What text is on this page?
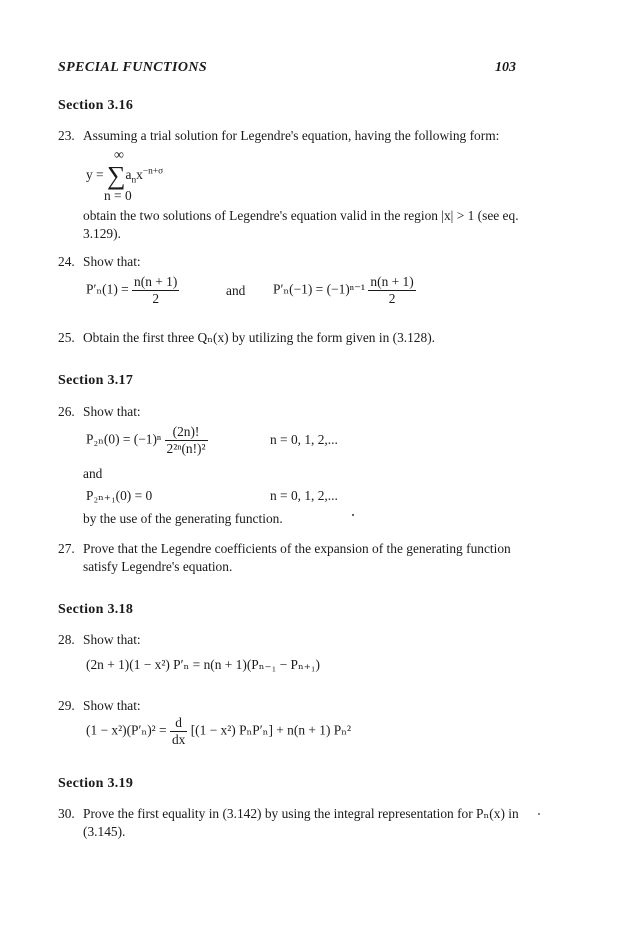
SPECIAL FUNCTIONS	103
Section 3.16
23. Assuming a trial solution for Legendre's equation, having the following form:
$y = \sum a_nx^{-n+\sigma}$
∞
n = 0
obtain the two solutions of Legendre's equation valid in the region |x| > 1 (see eq.
3.129).
24. Show that:
$P'_n(1) = \frac{n(n + 1)}{2}$	and $P'_n(-1) = (-1)^{n-1} \frac{n(n + 1)}{2}$
25. Obtain the first three Qₙ(x) by utilizing the form given in (3.128).
Section 3.17
26. Show that:
$P_{2n}(0) = (-1)^n \frac{(2n)!}{\text{2²ⁿ(n!)²}}$	n = 0, 1, 2,...
and
P₂ₙ₊₁(0) = 0	n = 0, 1, 2,...
by the use of the generating function.
27. Prove that the Legendre coefficients of the expansion of the generating function
satisfy Legendre's equation.
Section 3.18
28. Show that:
(2n + 1)(1 − x²) P′ₙ = n(n + 1)(Pₙ₋₁ − Pₙ₊₁)
29. Show that:
$(1 - x^2)(P'_n)^2 = \frac{d}{dx} [(1 - x^2) P_nP'_n] + n(n + 1)$ Pₙ²
Section 3.19
30. Prove the first equality in (3.142) by using the integral representation for Pₙ(x) in
(3.145).
